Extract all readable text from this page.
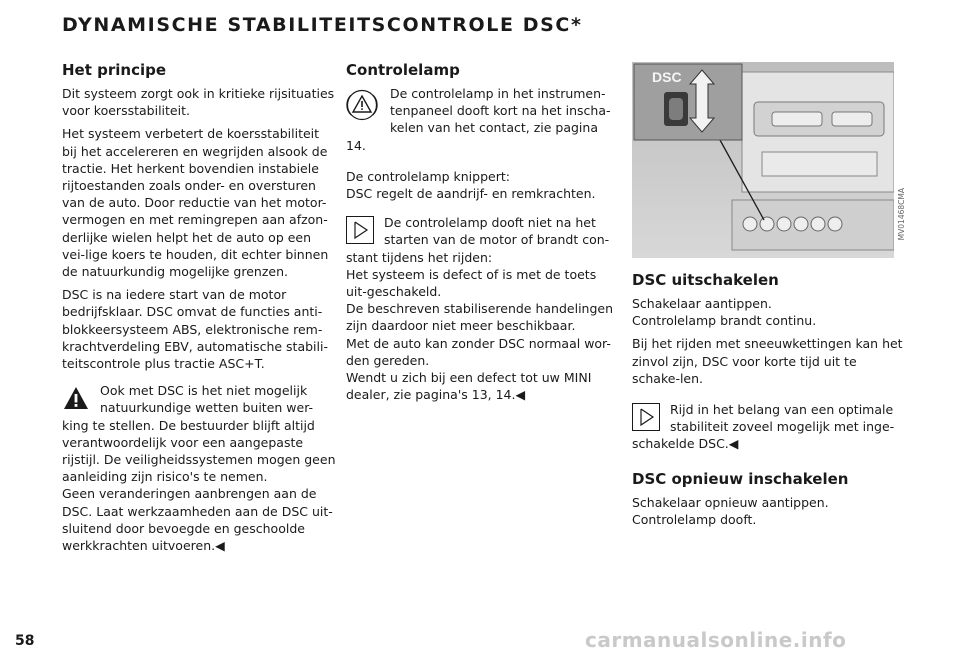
DYNAMISCHE STABILITEITSCONTROLE DSC*
Het principe

Dit systeem zorgt ook in kritieke rijsituaties voor koersstabiliteit.

Het systeem verbetert de koersstabiliteit bij het accelereren en wegrijden alsook de tractie. Het herkent bovendien instabiele rijtoestanden zoals onder- en oversturen van de auto. Door reductie van het motor-vermogen en met remingrepen aan afzon-derlijke wielen helpt het de auto op een vei-lige koers te houden, dit echter binnen de natuurkundig mogelijke grenzen.

DSC is na iedere start van de motor bedrijfsklaar. DSC omvat de functies anti-blokkeersysteem ABS, elektronische rem-krachtverdeling EBV, automatische stabili-teitscontrole plus tractie ASC+T.

Ook met DSC is het niet mogelijk natuurkundige wetten buiten wer-king te stellen. De bestuurder blijft altijd verantwoordelijk voor een aangepaste rijstijl. De veiligheidssystemen mogen geen aanleiding zijn risico's te nemen.

Geen veranderingen aanbrengen aan de DSC. Laat werkzaamheden aan de DSC uit-sluitend door bevoegde en geschoolde werkkrachten uitvoeren.◀

Controlelamp

De controlelamp in het instrumen-tenpaneel dooft kort na het inscha-kelen van het contact, zie pagina 14.

De controlelamp knippert:

DSC regelt de aandrijf- en remkrachten.

De controlelamp dooft niet na het starten van de motor of brandt con-stant tijdens het rijden:

Het systeem is defect of is met de toets uit-geschakeld.

De beschreven stabiliserende handelingen zijn daardoor niet meer beschikbaar.

Met de auto kan zonder DSC normaal wor-den gereden.

Wendt u zich bij een defect tot uw MINI dealer, zie pagina's 13, 14.◀

DSC
MV01468CMA
DSC uitschakelen

Schakelaar aantippen.

Controlelamp brandt continu.

Bij het rijden met sneeuwkettingen kan het zinvol zijn, DSC voor korte tijd uit te schake-len.

Rijd in het belang van een optimale stabiliteit zoveel mogelijk met inge-schakelde DSC.◀

DSC opnieuw inschakelen

Schakelaar opnieuw aantippen.

Controlelamp dooft.

58	carmanualsonline.info
